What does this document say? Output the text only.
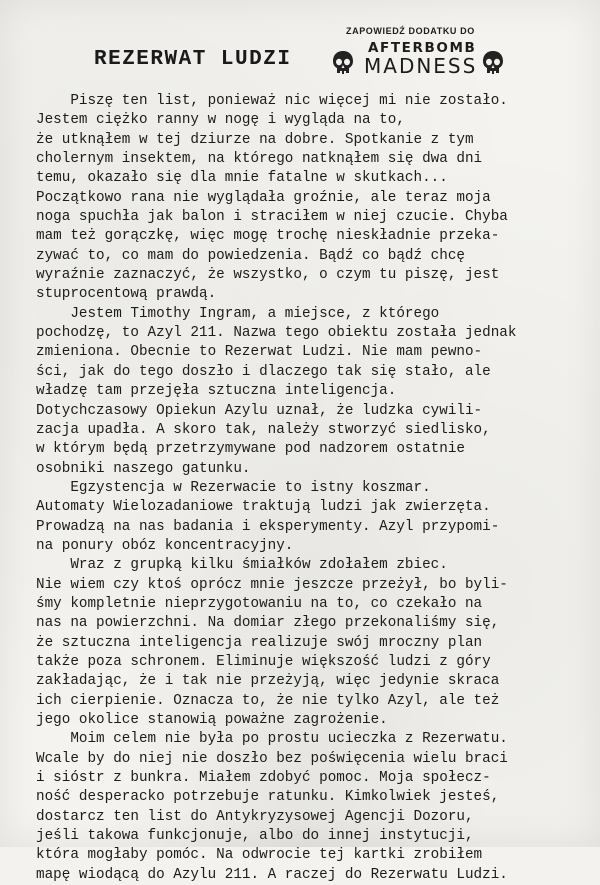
REZERWAT LUDZI
ZAPOWIEDŹ DODATKU DO
AFTERBOMB
MADNESS
Piszę ten list, ponieważ nic więcej mi nie zostało.
Jestem ciężko ranny w nogę i wygląda na to,
że utknąłem w tej dziurze na dobre. Spotkanie z tym
cholernym insektem, na którego natknąłem się dwa dni
temu, okazało się dla mnie fatalne w skutkach...
Początkowo rana nie wyglądała groźnie, ale teraz moja
noga spuchła jak balon i straciłem w niej czucie. Chyba
mam też gorączkę, więc mogę trochę nieskładnie przeka-
zywać to, co mam do powiedzenia. Bądź co bądź chcę
wyraźnie zaznaczyć, że wszystko, o czym tu piszę, jest
stuprocentową prawdą.
Jestem Timothy Ingram, a miejsce, z którego
pochodzę, to Azyl 211. Nazwa tego obiektu została jednak
zmieniona. Obecnie to Rezerwat Ludzi. Nie mam pewno-
ści, jak do tego doszło i dlaczego tak się stało, ale
władzę tam przejęła sztuczna inteligencja.
Dotychczasowy Opiekun Azylu uznał, że ludzka cywili-
zacja upadła. A skoro tak, należy stworzyć siedlisko,
w którym będą przetrzymywane pod nadzorem ostatnie
osobniki naszego gatunku.
Egzystencja w Rezerwacie to istny koszmar.
Automaty Wielozadaniowe traktują ludzi jak zwierzęta.
Prowadzą na nas badania i eksperymenty. Azyl przypomi-
na ponury obóz koncentracyjny.
Wraz z grupką kilku śmiałków zdołałem zbiec.
Nie wiem czy ktoś oprócz mnie jeszcze przeżył, bo byli-
śmy kompletnie nieprzygotowaniu na to, co czekało na
nas na powierzchni. Na domiar złego przekonaliśmy się,
że sztuczna inteligencja realizuje swój mroczny plan
także poza schronem. Eliminuje większość ludzi z góry
zakładając, że i tak nie przeżyją, więc jedynie skraca
ich cierpienie. Oznacza to, że nie tylko Azyl, ale też
jego okolice stanowią poważne zagrożenie.
Moim celem nie była po prostu ucieczka z Rezerwatu.
Wcale by do niej nie doszło bez poświęcenia wielu braci
i sióstr z bunkra. Miałem zdobyć pomoc. Moja społecz-
ność desperacko potrzebuje ratunku. Kimkolwiek jesteś,
dostarcz ten list do Antykryzysowej Agencji Dozoru,
jeśli takowa funkcjonuje, albo do innej instytucji,
która mogłaby pomóc. Na odwrocie tej kartki zrobiłem
mapę wiodącą do Azylu 211. A raczej do Rezerwatu Ludzi.
